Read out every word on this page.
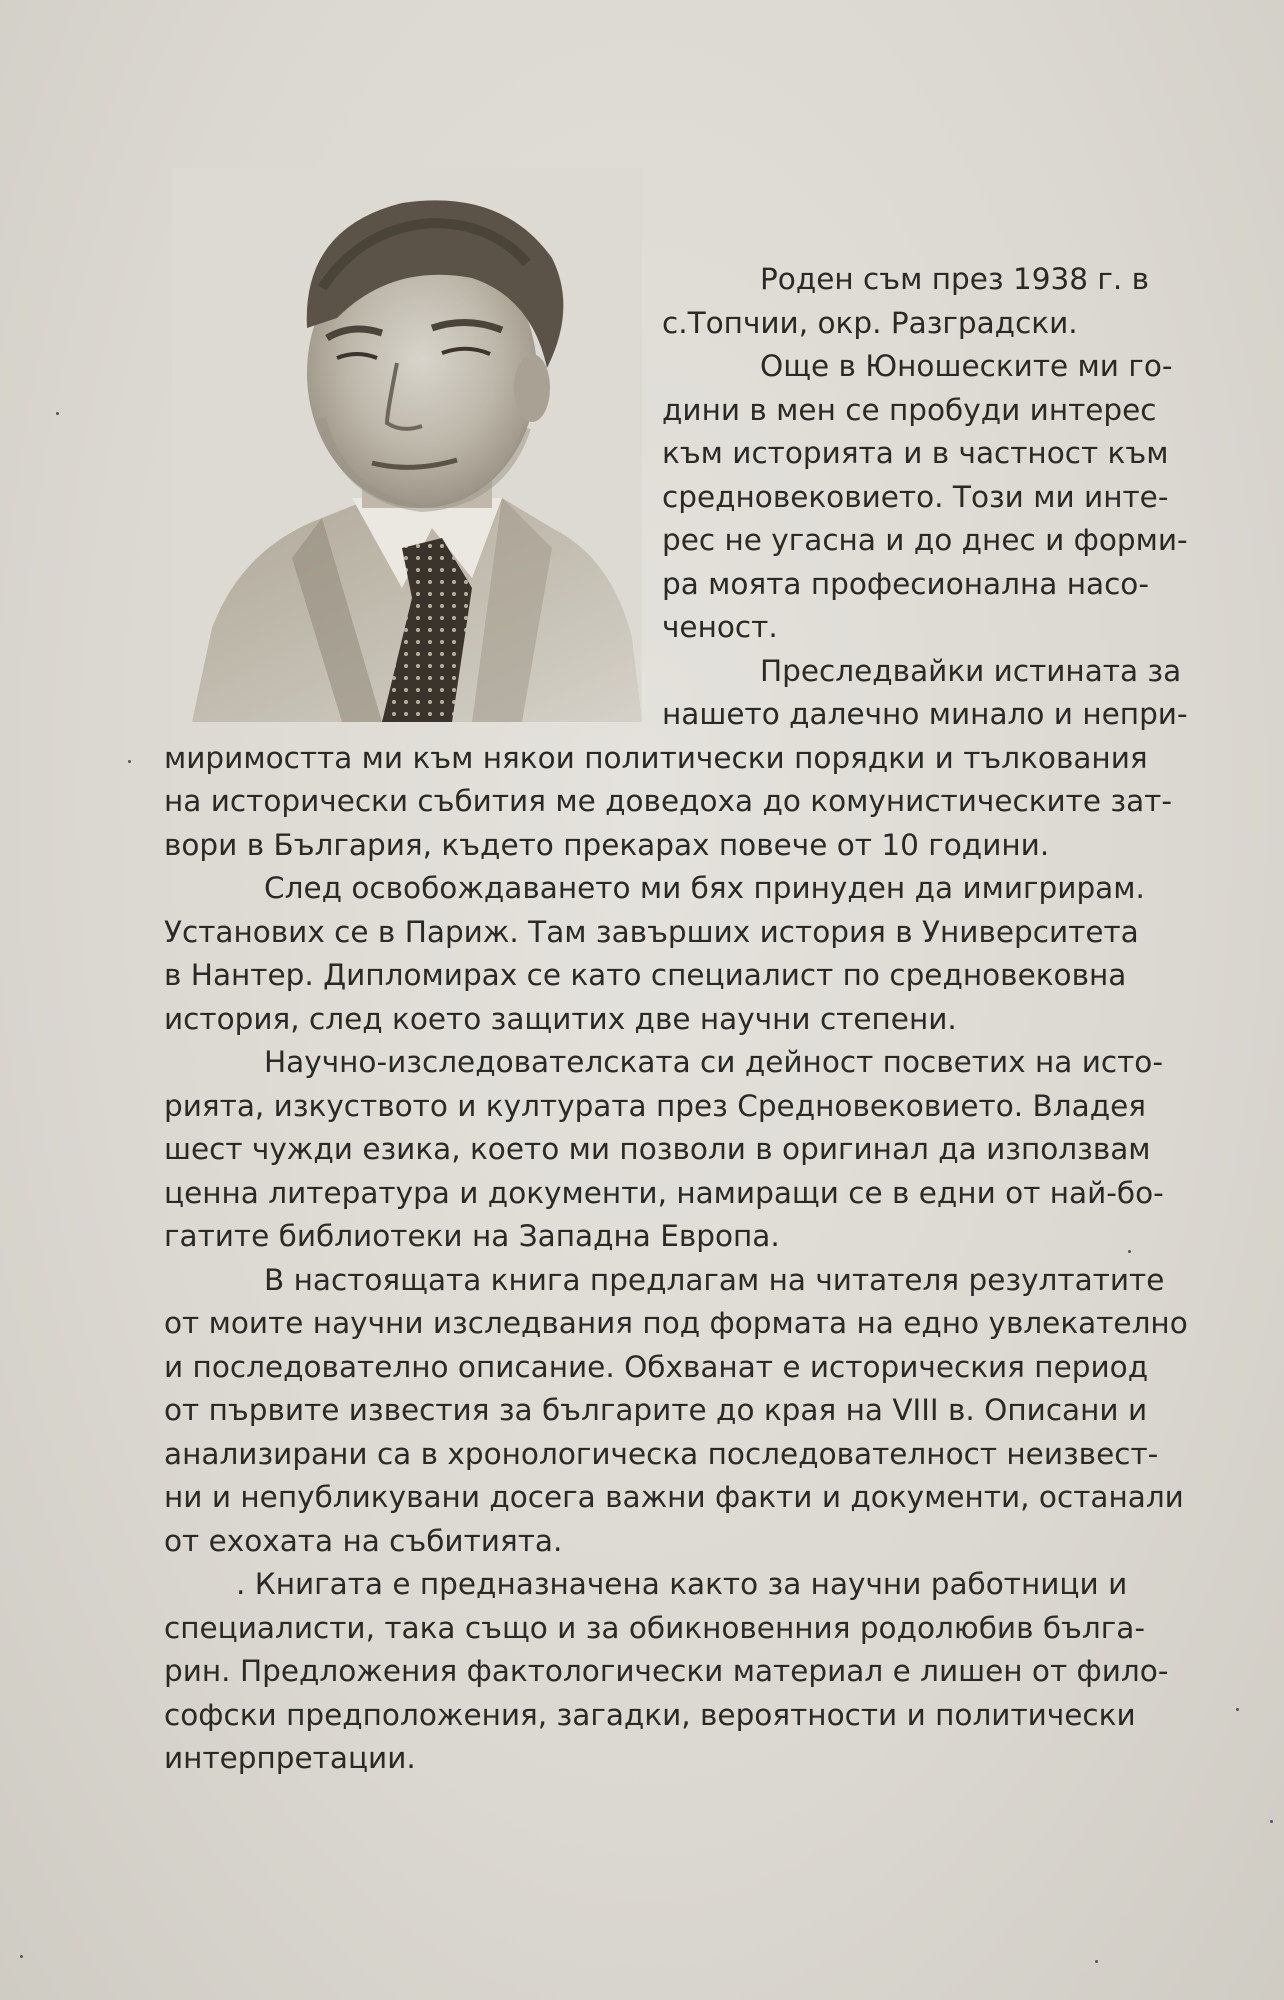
Роден съм през 1938 г. в
с.Топчии, окр. Разградски.
Още в Юношеските ми го-
дини в мен се пробуди интерес
към историята и в частност към
средновековието. Този ми инте-
рес не угасна и до днес и форми-
ра моята професионална насо-
ченост.
Преследвайки истината за
нашето далечно минало и непри-
миримостта ми към някои политически порядки и тълкования
на исторически събития ме доведоха до комунистическите зат-
вори в България, където прекарах повече от 10 години.
След освобождаването ми бях принуден да имигрирам.
Установих се в Париж. Там завърших история в Университета
в Нантер. Дипломирах се като специалист по средновековна
история, след което защитих две научни степени.
Научно-изследователската си дейност посветих на исто-
рията, изкуството и културата през Средновековието. Владея
шест чужди езика, което ми позволи в оригинал да използвам
ценна литература и документи, намиращи се в едни от най-бо-
гатите библиотеки на Западна Европа.
В настоящата книга предлагам на читателя резултатите
от моите научни изследвания под формата на едно увлекателно
и последователно описание. Обхванат е историческия период
от първите известия за българите до края на VIII в. Описани и
анализирани са в хронологическа последователност неизвест-
ни и непубликувани досега важни факти и документи, останали
от ехохата на събитията.
. Книгата е предназначена както за научни работници и
специалисти, така също и за обикновенния родолюбив бълга-
рин. Предложения фактологически материал е лишен от фило-
софски предположения, загадки, вероятности и политически
интерпретации.
